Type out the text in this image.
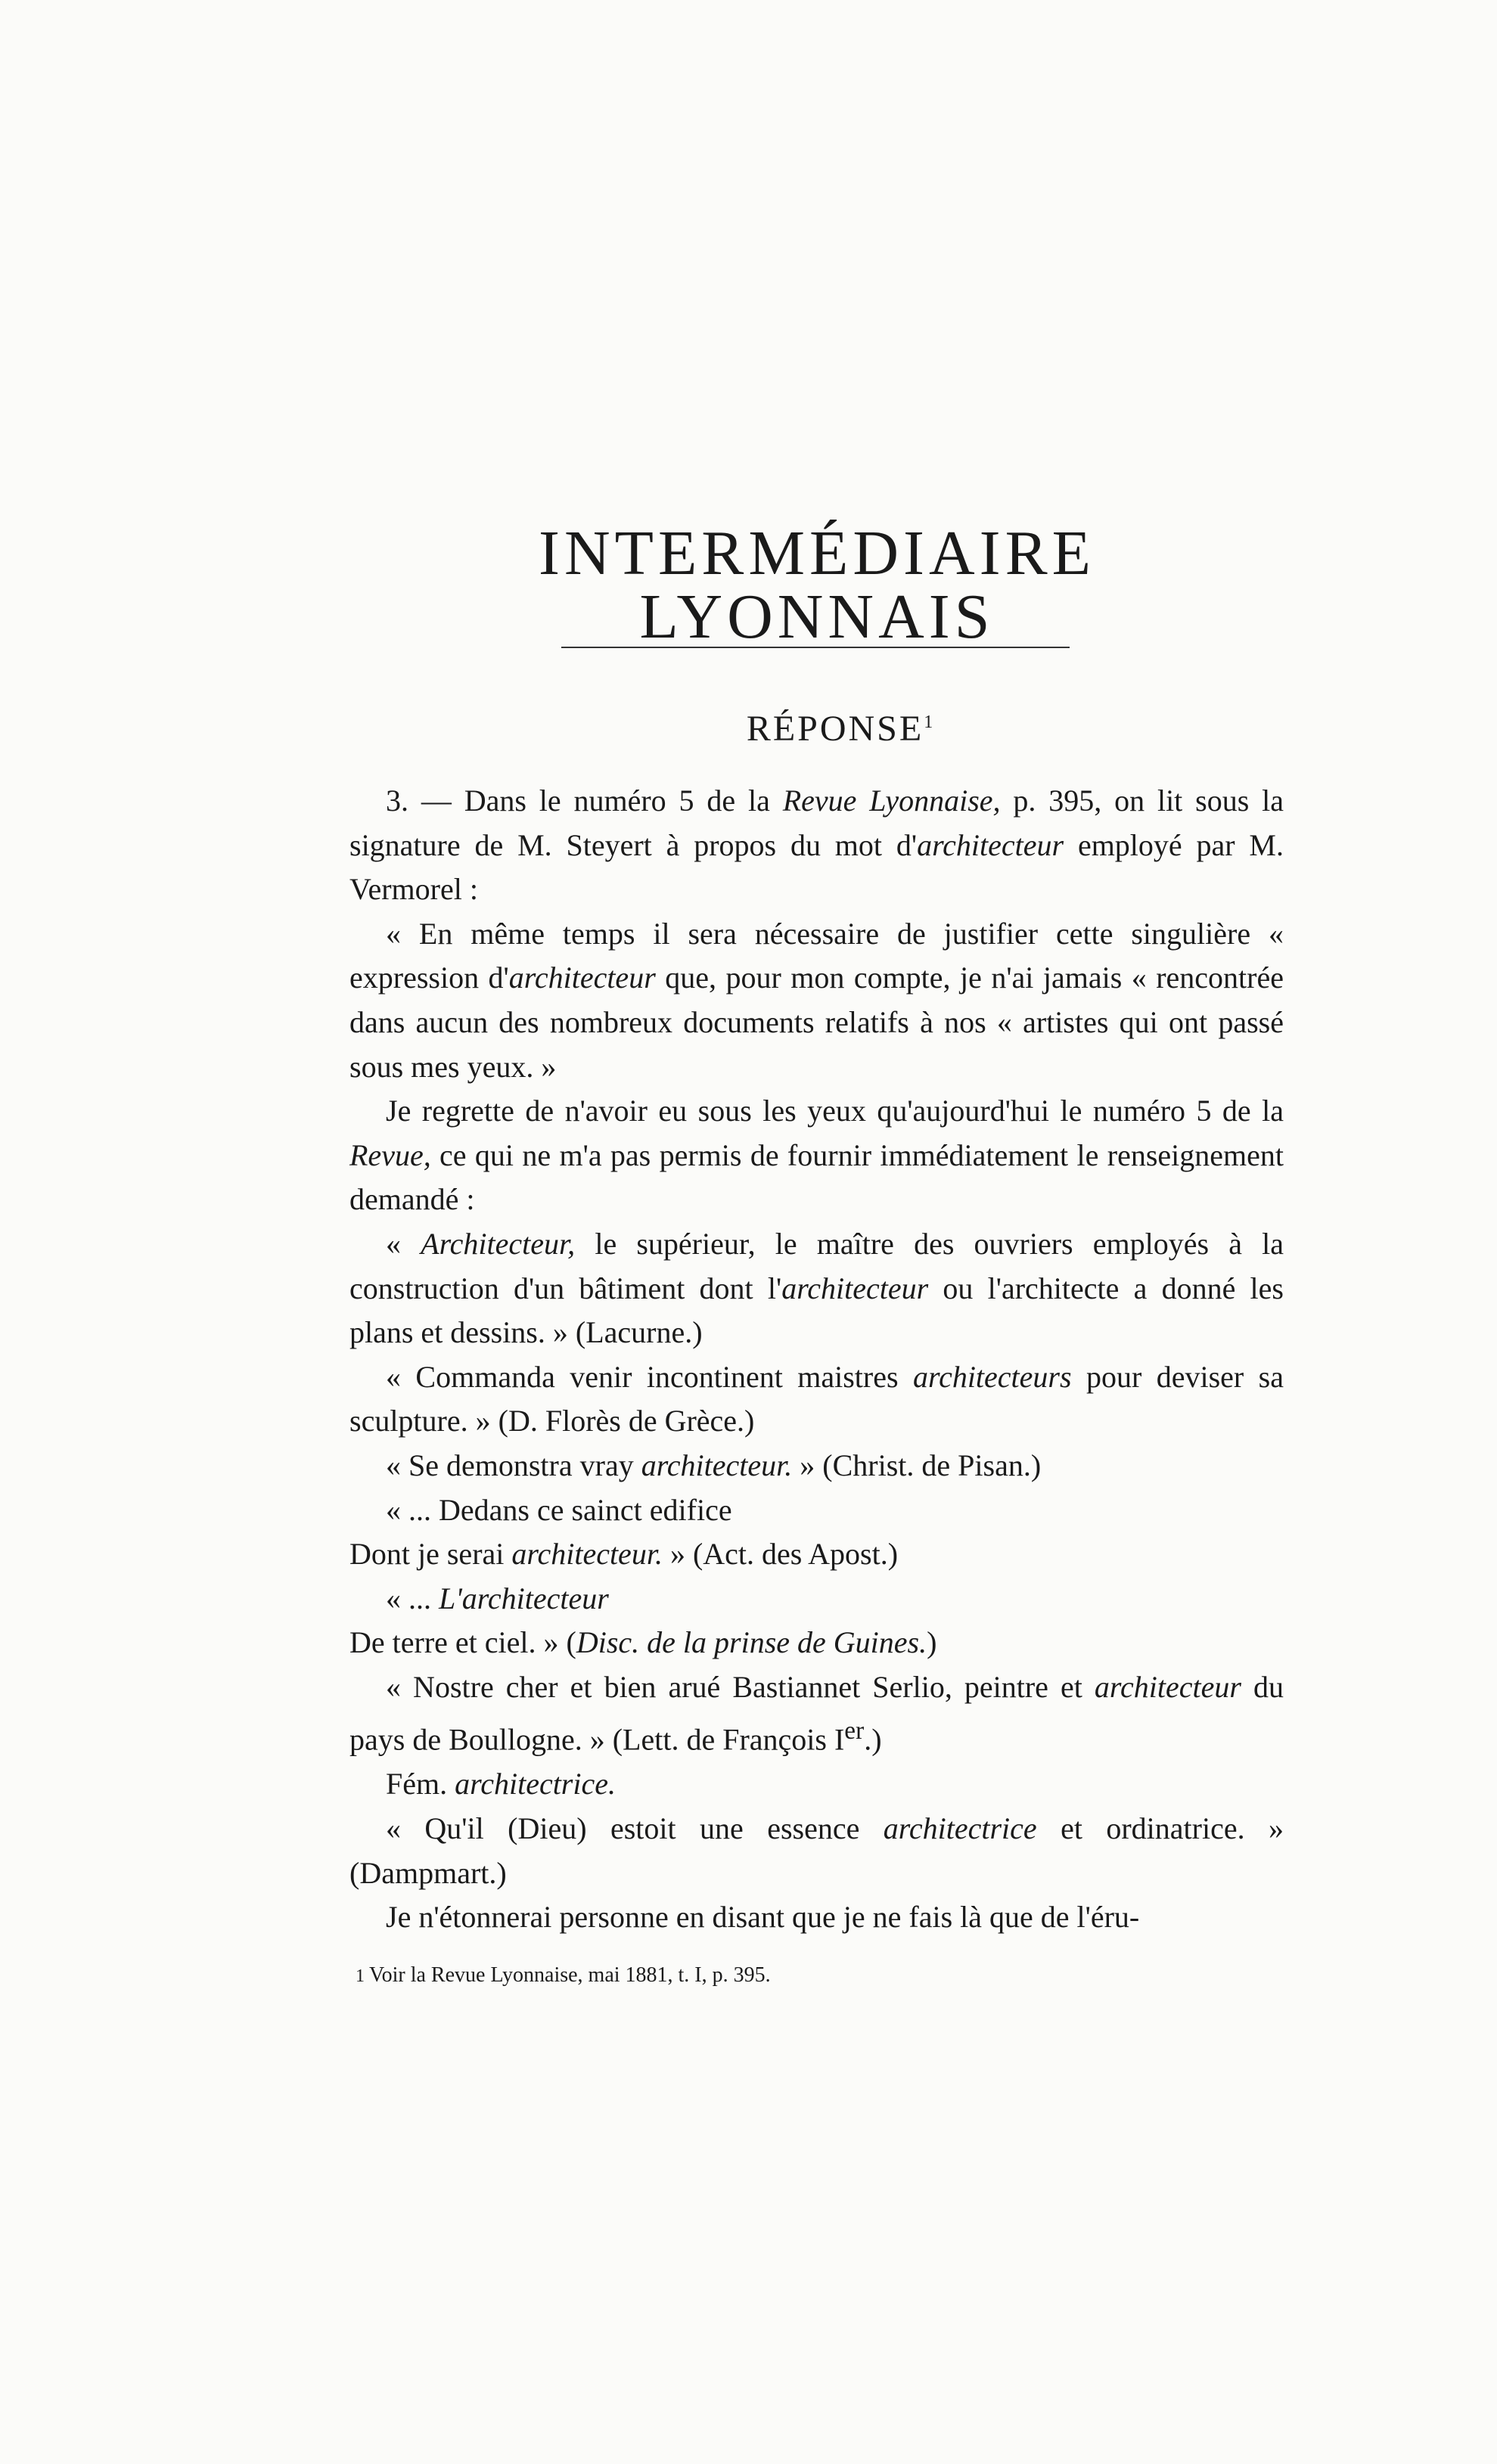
INTERMÉDIAIRE LYONNAIS
RÉPONSE$^1$

3. — Dans le numéro 5 de la Revue Lyonnaise, p. 395, on lit sous la signature de M. Steyert à propos du mot d'architecteur employé par M. Vermorel :

« En même temps il sera nécessaire de justifier cette singulière « expression d'architecteur que, pour mon compte, je n'ai jamais « rencontrée dans aucun des nombreux documents relatifs à nos « artistes qui ont passé sous mes yeux. »

Je regrette de n'avoir eu sous les yeux qu'aujourd'hui le numéro 5 de la Revue, ce qui ne m'a pas permis de fournir immédiatement le renseignement demandé :

« Architecteur, le supérieur, le maître des ouvriers employés à la construction d'un bâtiment dont l'architecteur ou l'architecte a donné les plans et dessins. » (Lacurne.)

« Commanda venir incontinent maistres architecteurs pour deviser sa sculpture. » (D. Florès de Grèce.)

« Se demonstra vray architecteur. » (Christ. de Pisan.)

« ... Dedans ce sainct edifice

Dont je serai architecteur. » (Act. des Apost.)

« ... L'architecteur

De terre et ciel. » (Disc. de la prinse de Guines.)

« Nostre cher et bien arué Bastiannet Serlio, peintre et architecteur du pays de Boullogne. » (Lett. de François Ier.)

Fém. architectrice.

« Qu'il (Dieu) estoit une essence architectrice et ordinatrice. » (Dampmart.)

Je n'étonnerai personne en disant que je ne fais là que de l'éru-

1 Voir la Revue Lyonnaise, mai 1881, t. I, p. 395.
